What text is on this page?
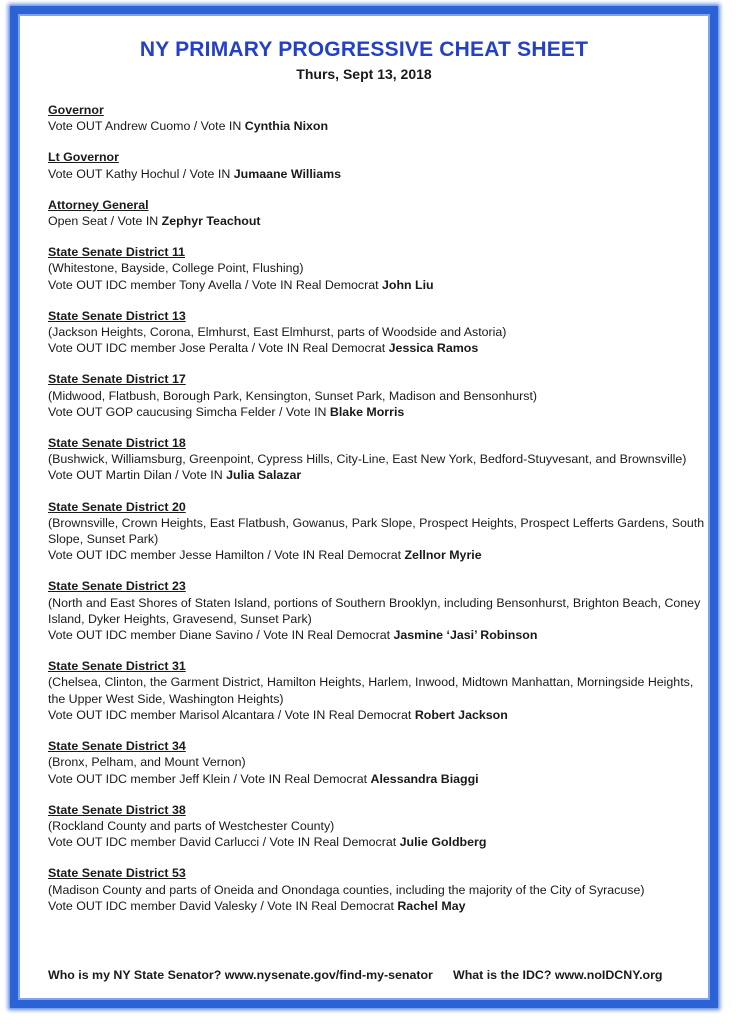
NY PRIMARY PROGRESSIVE CHEAT SHEET
Thurs, Sept 13, 2018
Governor
Vote OUT Andrew Cuomo / Vote IN Cynthia Nixon
Lt Governor
Vote OUT Kathy Hochul / Vote IN Jumaane Williams
Attorney General
Open Seat / Vote IN Zephyr Teachout
State Senate District 11
(Whitestone, Bayside, College Point, Flushing)
Vote OUT IDC member Tony Avella / Vote IN Real Democrat John Liu
State Senate District 13
(Jackson Heights, Corona, Elmhurst, East Elmhurst, parts of Woodside and Astoria)
Vote OUT IDC member Jose Peralta / Vote IN Real Democrat Jessica Ramos
State Senate District 17
(Midwood, Flatbush, Borough Park, Kensington, Sunset Park, Madison and Bensonhurst)
Vote OUT GOP caucusing Simcha Felder / Vote IN Blake Morris
State Senate District 18
(Bushwick, Williamsburg, Greenpoint, Cypress Hills, City-Line, East New York, Bedford-Stuyvesant, and Brownsville)
Vote OUT Martin Dilan / Vote IN Julia Salazar
State Senate District 20
(Brownsville, Crown Heights, East Flatbush, Gowanus, Park Slope, Prospect Heights, Prospect Lefferts Gardens, South Slope, Sunset Park)
Vote OUT IDC member Jesse Hamilton / Vote IN Real Democrat Zellnor Myrie
State Senate District 23
(North and East Shores of Staten Island, portions of Southern Brooklyn, including Bensonhurst, Brighton Beach, Coney Island, Dyker Heights, Gravesend, Sunset Park)
Vote OUT IDC member Diane Savino / Vote IN Real Democrat Jasmine ‘Jasi’ Robinson
State Senate District 31
(Chelsea, Clinton, the Garment District, Hamilton Heights, Harlem, Inwood, Midtown Manhattan, Morningside Heights, the Upper West Side, Washington Heights)
Vote OUT IDC member Marisol Alcantara / Vote IN Real Democrat Robert Jackson
State Senate District 34
(Bronx, Pelham, and Mount Vernon)
Vote OUT IDC member Jeff Klein / Vote IN Real Democrat Alessandra Biaggi
State Senate District 38
(Rockland County and parts of Westchester County)
Vote OUT IDC member David Carlucci / Vote IN Real Democrat Julie Goldberg
State Senate District 53
(Madison County and parts of Oneida and Onondaga counties, including the majority of the City of Syracuse)
Vote OUT IDC member David Valesky / Vote IN Real Democrat Rachel May
Who is my NY State Senator? www.nysenate.gov/find-my-senator What is the IDC? www.noIDCNY.org
